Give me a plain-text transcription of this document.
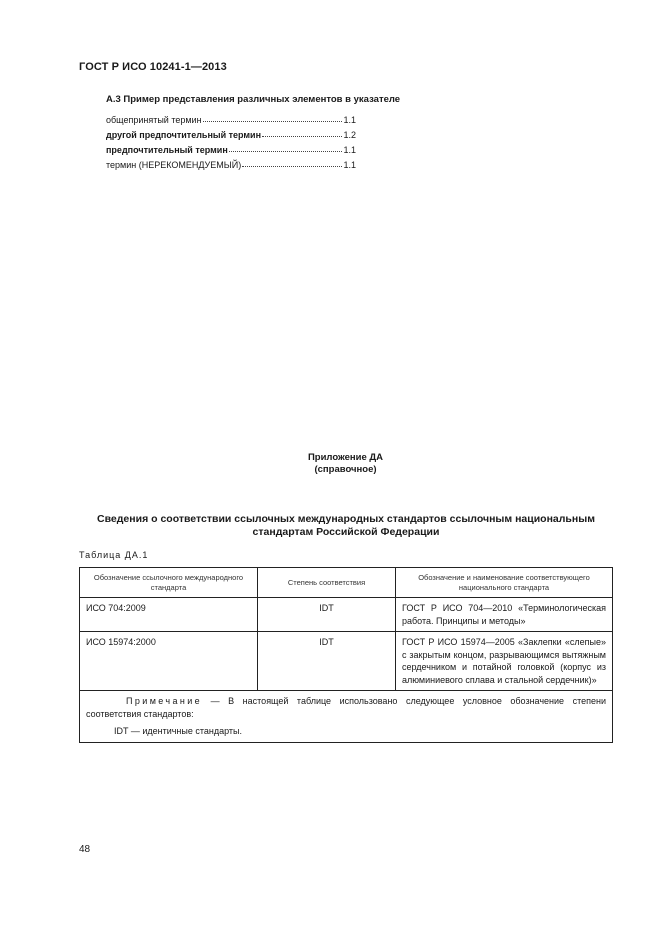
ГОСТ Р ИСО 10241-1—2013
А.3 Пример представления различных элементов в указателе
общепринятый термин	1.1
другой предпочтительный термин	1.2
предпочтительный термин	1.1
термин (НЕРЕКОМЕНДУЕМЫЙ)	1.1
Приложение ДА
(справочное)
Сведения о соответствии ссылочных международных стандартов ссылочным национальным
стандартам Российской Федерации
Таблица ДА.1
Обозначение ссылочного международного стандарта	Степень соответствия	Обозначение и наименование соответствующего национального стандарта
ИСО 704:2009	IDT	ГОСТ Р ИСО 704—2010 «Терминологическая работа. Принципы и методы»
ИСО 15974:2000	IDT	ГОСТ Р ИСО 15974—2005 «Заклепки «слепые» с закрытым концом, разрывающимся вытяжным сердечником и потайной головкой (корпус из алюминиевого сплава и стальной сердечник)»

Примечание — В настоящей таблице использовано следующее условное обозначение степени соответствия стандартов:
IDT — идентичные стандарты.		
48
